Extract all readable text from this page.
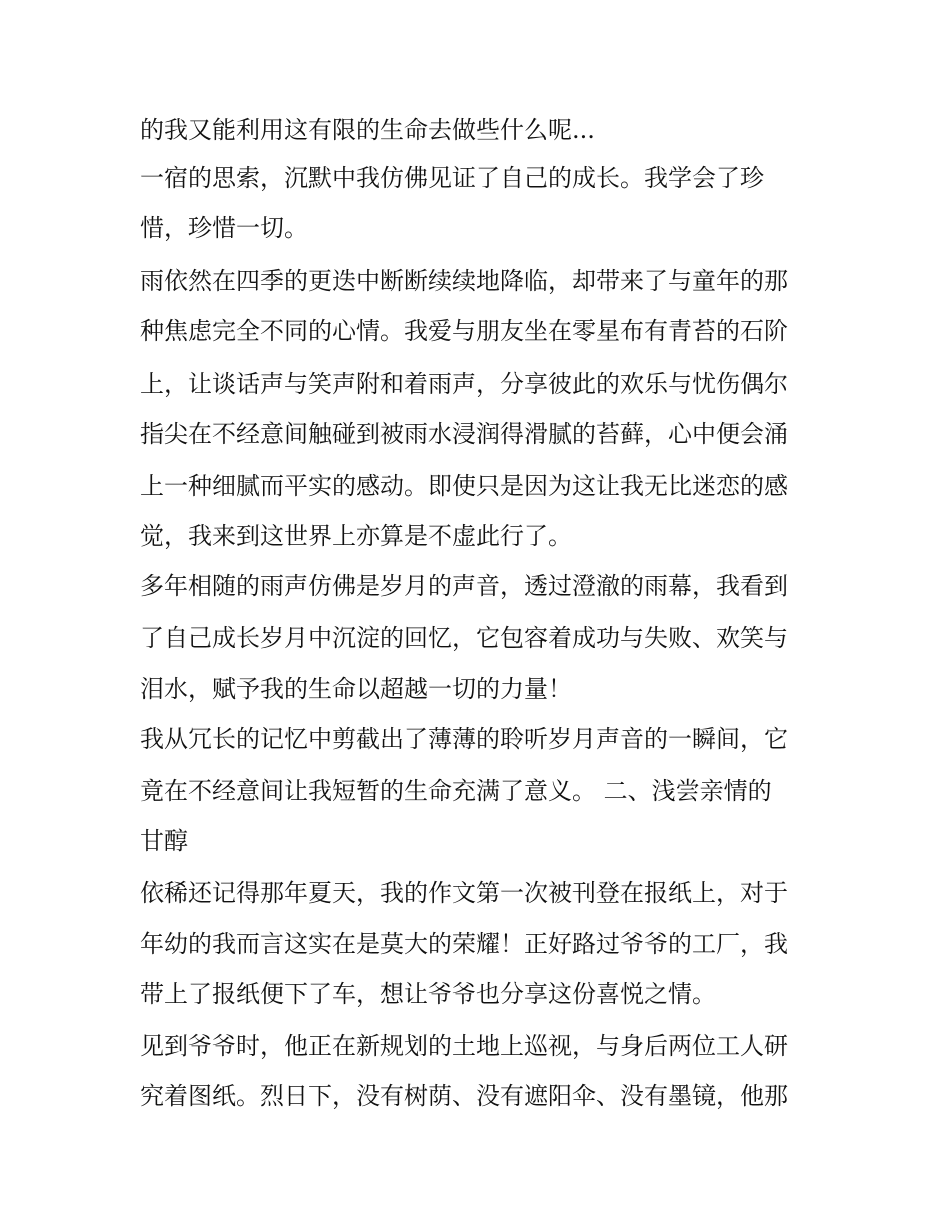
的我又能利用这有限的生命去做些什么呢...
一宿的思索，沉默中我仿佛见证了自己的成长。我学会了珍
惜，珍惜一切。
雨依然在四季的更迭中断断续续地降临，却带来了与童年的那
种焦虑完全不同的心情。我爱与朋友坐在零星布有青苔的石阶
上，让谈话声与笑声附和着雨声，分享彼此的欢乐与忧伤偶尔
指尖在不经意间触碰到被雨水浸润得滑腻的苔藓，心中便会涌
上一种细腻而平实的感动。即使只是因为这让我无比迷恋的感
觉，我来到这世界上亦算是不虚此行了。
多年相随的雨声仿佛是岁月的声音，透过澄澈的雨幕，我看到
了自己成长岁月中沉淀的回忆，它包容着成功与失败、欢笑与
泪水，赋予我的生命以超越一切的力量！
我从冗长的记忆中剪截出了薄薄的聆听岁月声音的一瞬间，它
竟在不经意间让我短暂的生命充满了意义。 二、浅尝亲情的
甘醇
依稀还记得那年夏天，我的作文第一次被刊登在报纸上，对于
年幼的我而言这实在是莫大的荣耀！正好路过爷爷的工厂，我
带上了报纸便下了车，想让爷爷也分享这份喜悦之情。
见到爷爷时，他正在新规划的土地上巡视，与身后两位工人研
究着图纸。烈日下，没有树荫、没有遮阳伞、没有墨镜，他那
